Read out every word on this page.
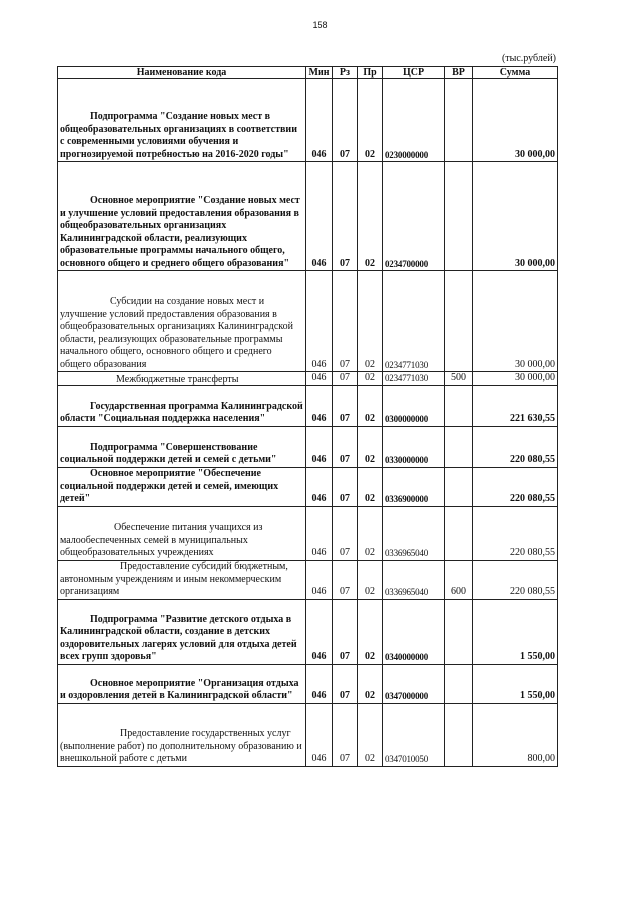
158
(тыс.рублей)
Наименование кода	Мин	Рз	Пр	ЦСР	ВР	Сумма
Подпрограмма "Создание новых мест в общеобразовательных организациях в соответствии с современными условиями обучения и прогнозируемой потребностью на 2016-2020 годы"	046	07	02	0230000000		30 000,00
Основное мероприятие "Создание новых мест и улучшение условий предоставления образования в общеобразовательных организациях Калининградской области, реализующих образовательные программы начального общего, основного общего и среднего общего образования"	046	07	02	0234700000		30 000,00
Субсидии на создание новых мест и улучшение условий предоставления образования в общеобразовательных организациях Калининградской области, реализующих образовательные программы начального общего, основного общего и среднего общего образования	046	07	02	0234771030		30 000,00
Межбюджетные трансферты	046	07	02	0234771030	500	30 000,00
Государственная программа Калининградской области "Социальная поддержка населения"	046	07	02	0300000000		221 630,55
Подпрограмма "Совершенствование социальной поддержки детей и семей с детьми"	046	07	02	0330000000		220 080,55
Основное мероприятие "Обеспечение социальной поддержки детей и семей, имеющих детей"	046	07	02	0336900000		220 080,55
Обеспечение питания учащихся из малообеспеченных семей в муниципальных общеобразовательных учреждениях	046	07	02	0336965040		220 080,55
Предоставление субсидий бюджетным, автономным учреждениям и иным некоммерческим организациям	046	07	02	0336965040	600	220 080,55
Подпрограмма "Развитие детского отдыха в Калининградской области, создание в детских оздоровительных лагерях условий для отдыха детей всех групп здоровья"	046	07	02	0340000000		1 550,00
Основное мероприятие "Организация отдыха и оздоровления детей в Калининградской области"	046	07	02	0347000000		1 550,00
Предоставление государственных услуг (выполнение работ) по дополнительному образованию и внешкольной работе с детьми	046	07	02	0347010050		800,00
